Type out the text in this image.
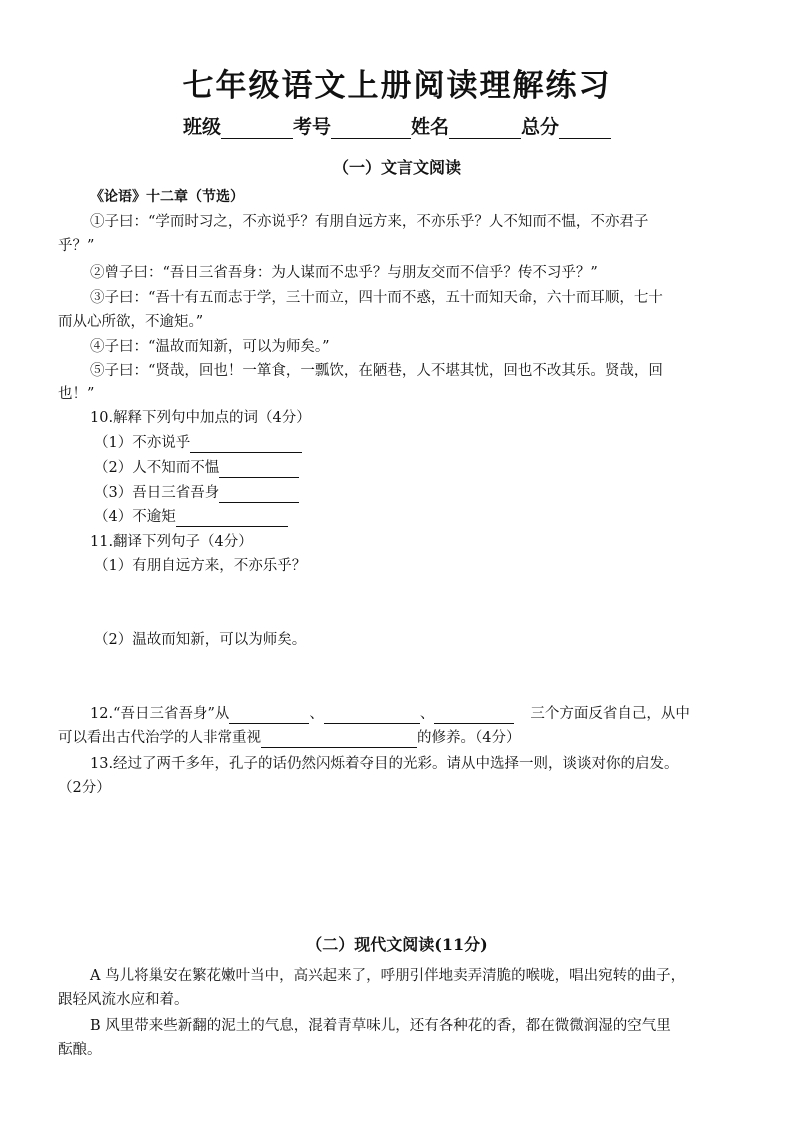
七年级语文上册阅读理解练习
班级	考号	姓名	总分
（一）文言文阅读
《论语》十二章（节选）
①子曰：“学而时习之，不亦说乎？有朋自远方来，不亦乐乎？人不知而不愠，不亦君子
乎？”
②曾子曰：“吾日三省吾身：为人谋而不忠乎？与朋友交而不信乎？传不习乎？”
③子曰：“吾十有五而志于学，三十而立，四十而不惑，五十而知天命，六十而耳顺，七十
而从心所欲，不逾矩。”
④子曰：“温故而知新，可以为师矣。”
⑤子曰：“贤哉，回也！一箪食，一瓢饮，在陋巷，人不堪其忧，回也不改其乐。贤哉，回
也！”
10.解释下列句中加点的词（4分）
（1）不亦说乎
（2）人不知而不愠
（3）吾日三省吾身
（4）不逾矩
11.翻译下列句子（4分）
（1）有朋自远方来，不亦乐乎？
（2）温故而知新，可以为师矣。
12.“吾日三省吾身”从	、	、	三个方面反省自己，从中
可以看出古代治学的人非常重视	的修养。（4分）
13.经过了两千多年，孔子的话仍然闪烁着夺目的光彩。请从中选择一则，谈谈对你的启发。
（2分）
（二）现代文阅读(11分)
A 鸟儿将巢安在繁花嫩叶当中，高兴起来了，呼朋引伴地卖弄清脆的喉咙，唱出宛转的曲子，
跟轻风流水应和着。
B 风里带来些新翻的泥土的气息，混着青草味儿，还有各种花的香，都在微微润湿的空气里
酝酿。
